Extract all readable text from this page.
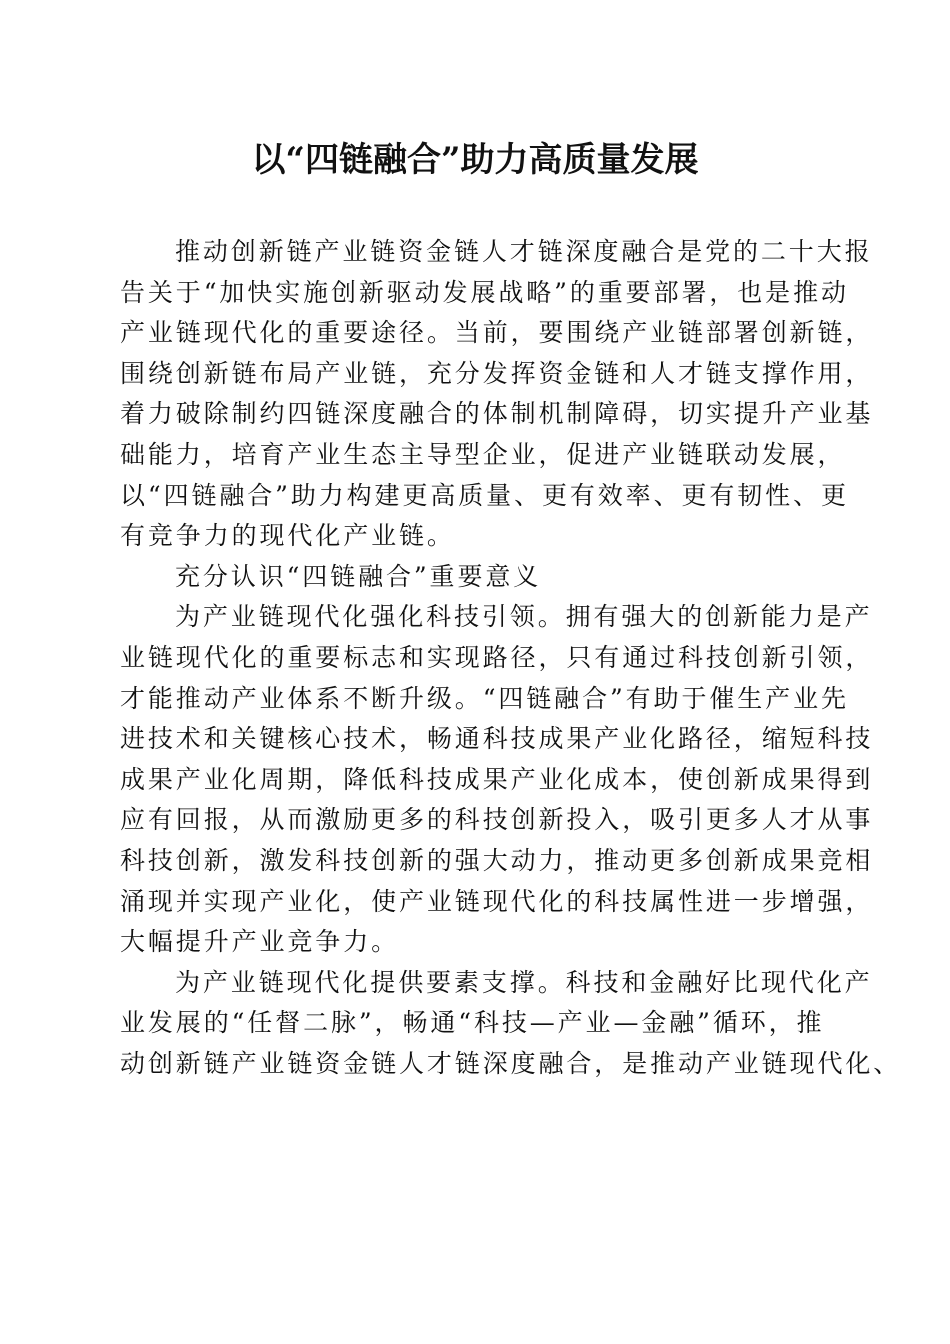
以“四链融合”助力高质量发展

推动创新链产业链资金链人才链深度融合是党的二十大报
告关于“加快实施创新驱动发展战略”的重要部署，也是推动
产业链现代化的重要途径。当前，要围绕产业链部署创新链，
围绕创新链布局产业链，充分发挥资金链和人才链支撑作用，
着力破除制约四链深度融合的体制机制障碍，切实提升产业基
础能力，培育产业生态主导型企业，促进产业链联动发展，
以“四链融合”助力构建更高质量、更有效率、更有韧性、更
有竞争力的现代化产业链。

充分认识“四链融合”重要意义

为产业链现代化强化科技引领。拥有强大的创新能力是产
业链现代化的重要标志和实现路径，只有通过科技创新引领，
才能推动产业体系不断升级。“四链融合”有助于催生产业先
进技术和关键核心技术，畅通科技成果产业化路径，缩短科技
成果产业化周期，降低科技成果产业化成本，使创新成果得到
应有回报，从而激励更多的科技创新投入，吸引更多人才从事
科技创新，激发科技创新的强大动力，推动更多创新成果竞相
涌现并实现产业化，使产业链现代化的科技属性进一步增强，
大幅提升产业竞争力。

为产业链现代化提供要素支撑。科技和金融好比现代化产
业发展的“任督二脉”，畅通“科技—产业—金融”循环，推
动创新链产业链资金链人才链深度融合，是推动产业链现代化、
